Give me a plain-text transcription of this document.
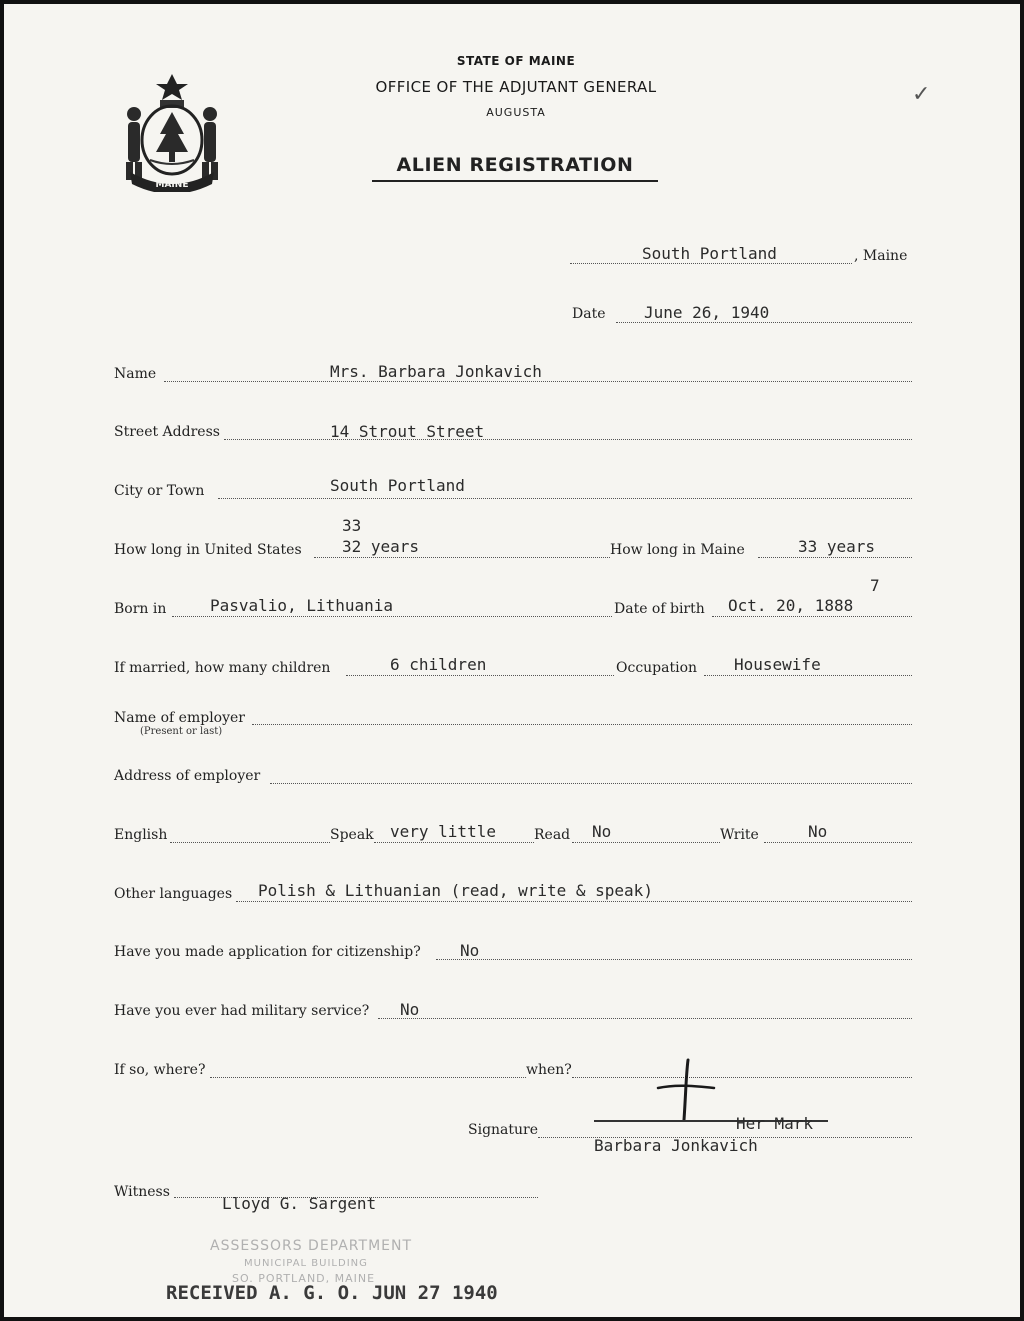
MAINE
STATE OF MAINE
OFFICE OF THE ADJUTANT GENERAL
AUGUSTA
ALIEN REGISTRATION
✓
South Portland	, Maine
Date June 26, 1940
Name	Mrs. Barbara Jonkavich
Street Address	14 Strout Street
City or Town	South Portland
33
How long in United States	32 years	How long in Maine	33 years
Born in	Pasvalio, Lithuania	Date of birth Oct. 20, 1888
7
If married, how many children	6 children	Occupation Housewife
Name of employer
(Present or last)
Address of employer
English	Speak very little	Read No	Write	No
Other languages Polish & Lithuanian (read, write & speak)
Have you made application for citizenship? No
Have you ever had military service? No
If so, where?	when?
Signature	Her Mark
Barbara Jonkavich
Witness
Lloyd G. Sargent
ASSESSORS DEPARTMENT
MUNICIPAL BUILDING
SO. PORTLAND, MAINE
RECEIVED A. G. O. JUN 27 1940
